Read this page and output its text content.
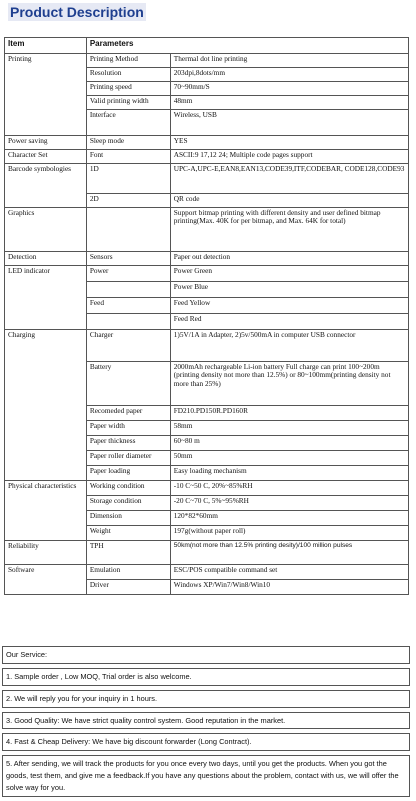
Product Description
Item	Parameters	
Printing	Printing Method	Thermal dot line printing
	Resolution	203dpi,8dots/mm
	Printing speed	70~90mm/S
	Valid printing width	48mm
	Interface	Wireless, USB
Power saving	Sleep mode	YES
Character Set	Font	ASCII:9 17,12 24; Multiple code pages support
Barcode symbologies	1D	UPC-A,UPC-E,EAN8,EAN13,CODE39,ITF,CODEBAR, CODE128,CODE93
	2D	QR code
Graphics		Support bitmap printing with different density and user defined bitmap printing(Max. 40K for per bitmap, and Max. 64K for total)
Detection	Sensors	Paper out detection
LED indicator	Power	Power Green
		Power Blue
	Feed	Feed Yellow
		Feed Red
Charging	Charger	1)5V/1A in Adapter, 2)5v/500mA in computer USB connector
	Battery	2000mAh rechargeable Li-ion battery Full charge can print 100~200m (printing density not more than 12.5%) or 80~100mm(printing density not more than 25%)
	Recomeded paper	FD210.PD150R.PD160R
	Paper width	58mm
	Paper thickness	60~80 m
	Paper roller diameter	50mm
	Paper loading	Easy loading mechanism
Physical characteristics	Working condition	-10 C~50 C, 20%~85%RH
	Storage condition	-20 C~70 C, 5%~95%RH
	Dimension	120*82*60mm
	Weight	197g(without paper roll)
Reliability	TPH	50km(not more than 12.5% printing desity)/100 million pulses
Software	Emulation	ESC/POS compatible command set
	Driver	Windows XP/Win7/Win8/Win10
Our Service:
1. Sample order , Low MOQ, Trial order is also welcome.
2. We will reply you for your inquiry in 1 hours.
3. Good Quality: We have strict quality control system. Good reputation in the market.
4. Fast & Cheap Delivery: We have big discount forwarder (Long Contract).
5. After sending, we will track the products for you once every two days, until you get the products. When you got the goods, test them, and give me a feedback.If you have any questions about the problem, contact with us, we will offer the solve way for you.
